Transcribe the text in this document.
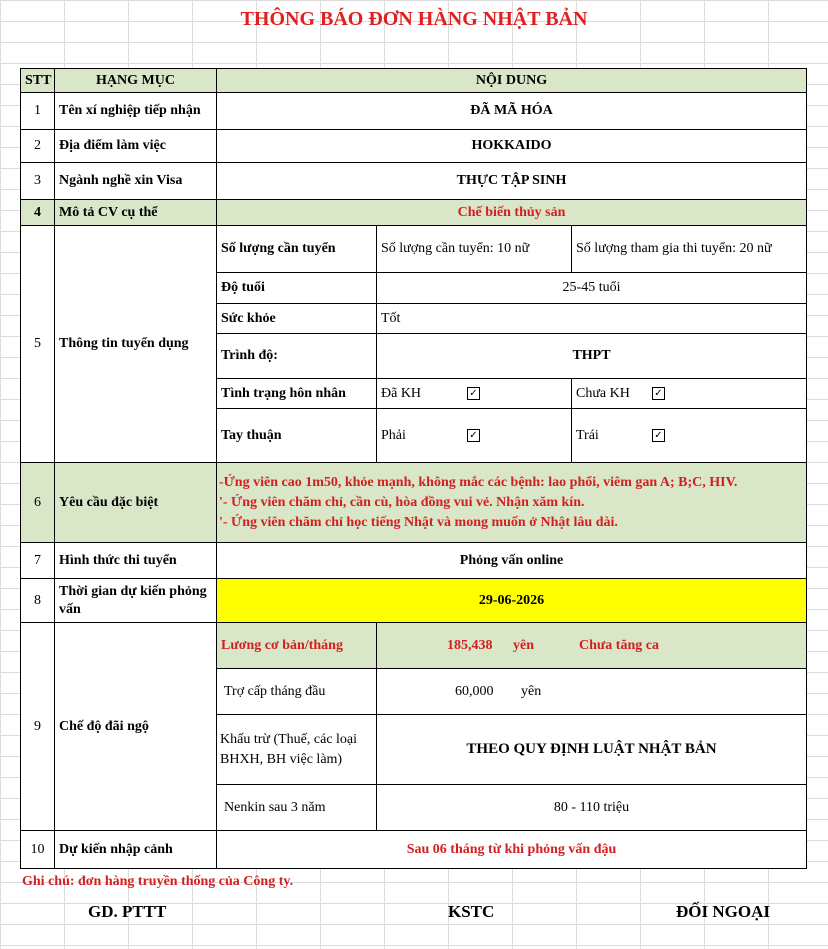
THÔNG BÁO ĐƠN HÀNG NHẬT BẢN
STT	HẠNG MỤC	NỘI DUNG		
1	Tên xí nghiệp tiếp nhận	ĐÃ MÃ HÓA		
2	Địa điểm làm việc	HOKKAIDO		
3	Ngành nghề xin Visa	THỰC TẬP SINH		
4	Mô tả CV cụ thể	Chế biến thủy sản		
5	Thông tin tuyển dụng	Số lượng cần tuyển	Số lượng cần tuyển: 10 nữ	Số lượng tham gia thi tuyển: 20 nữ
		Độ tuổi	25-45 tuổi	
		Sức khỏe	Tốt	
		Trình độ:	THPT	
		Tình trạng hôn nhân	Đã KH ✓	Chưa KH ✓
		Tay thuận	Phải ✓	Trái ✓
6	Yêu cầu đặc biệt	-Ứng viên cao 1m50, khỏe mạnh, không mắc các bệnh: lao phổi, viêm gan A; B;C, HIV.
'- Ứng viên chăm chỉ, cần cù, hòa đồng vui vẻ. Nhận xăm kín.
'- Ứng viên chăm chỉ học tiếng Nhật và mong muốn ở Nhật lâu dài.		

7	Hình thức thi tuyển	Phỏng vấn online		
8	Thời gian dự kiến phỏng vấn	29-06-2026		
9	Chế độ đãi ngộ	Lương cơ bản/tháng	185,438 yên Chưa tăng ca	
		Trợ cấp tháng đầu	60,000 yên	
		Khấu trừ (Thuế, các loại BHXH, BH việc làm)	THEO QUY ĐỊNH LUẬT NHẬT BẢN	
		Nenkin sau 3 năm	80 - 110 triệu	
10	Dự kiến nhập cảnh	Sau 06 tháng từ khi phỏng vấn đậu		
Ghi chú: đơn hàng truyền thống của Công ty.
GD. PTTT	KSTC	ĐỐI NGOẠI
